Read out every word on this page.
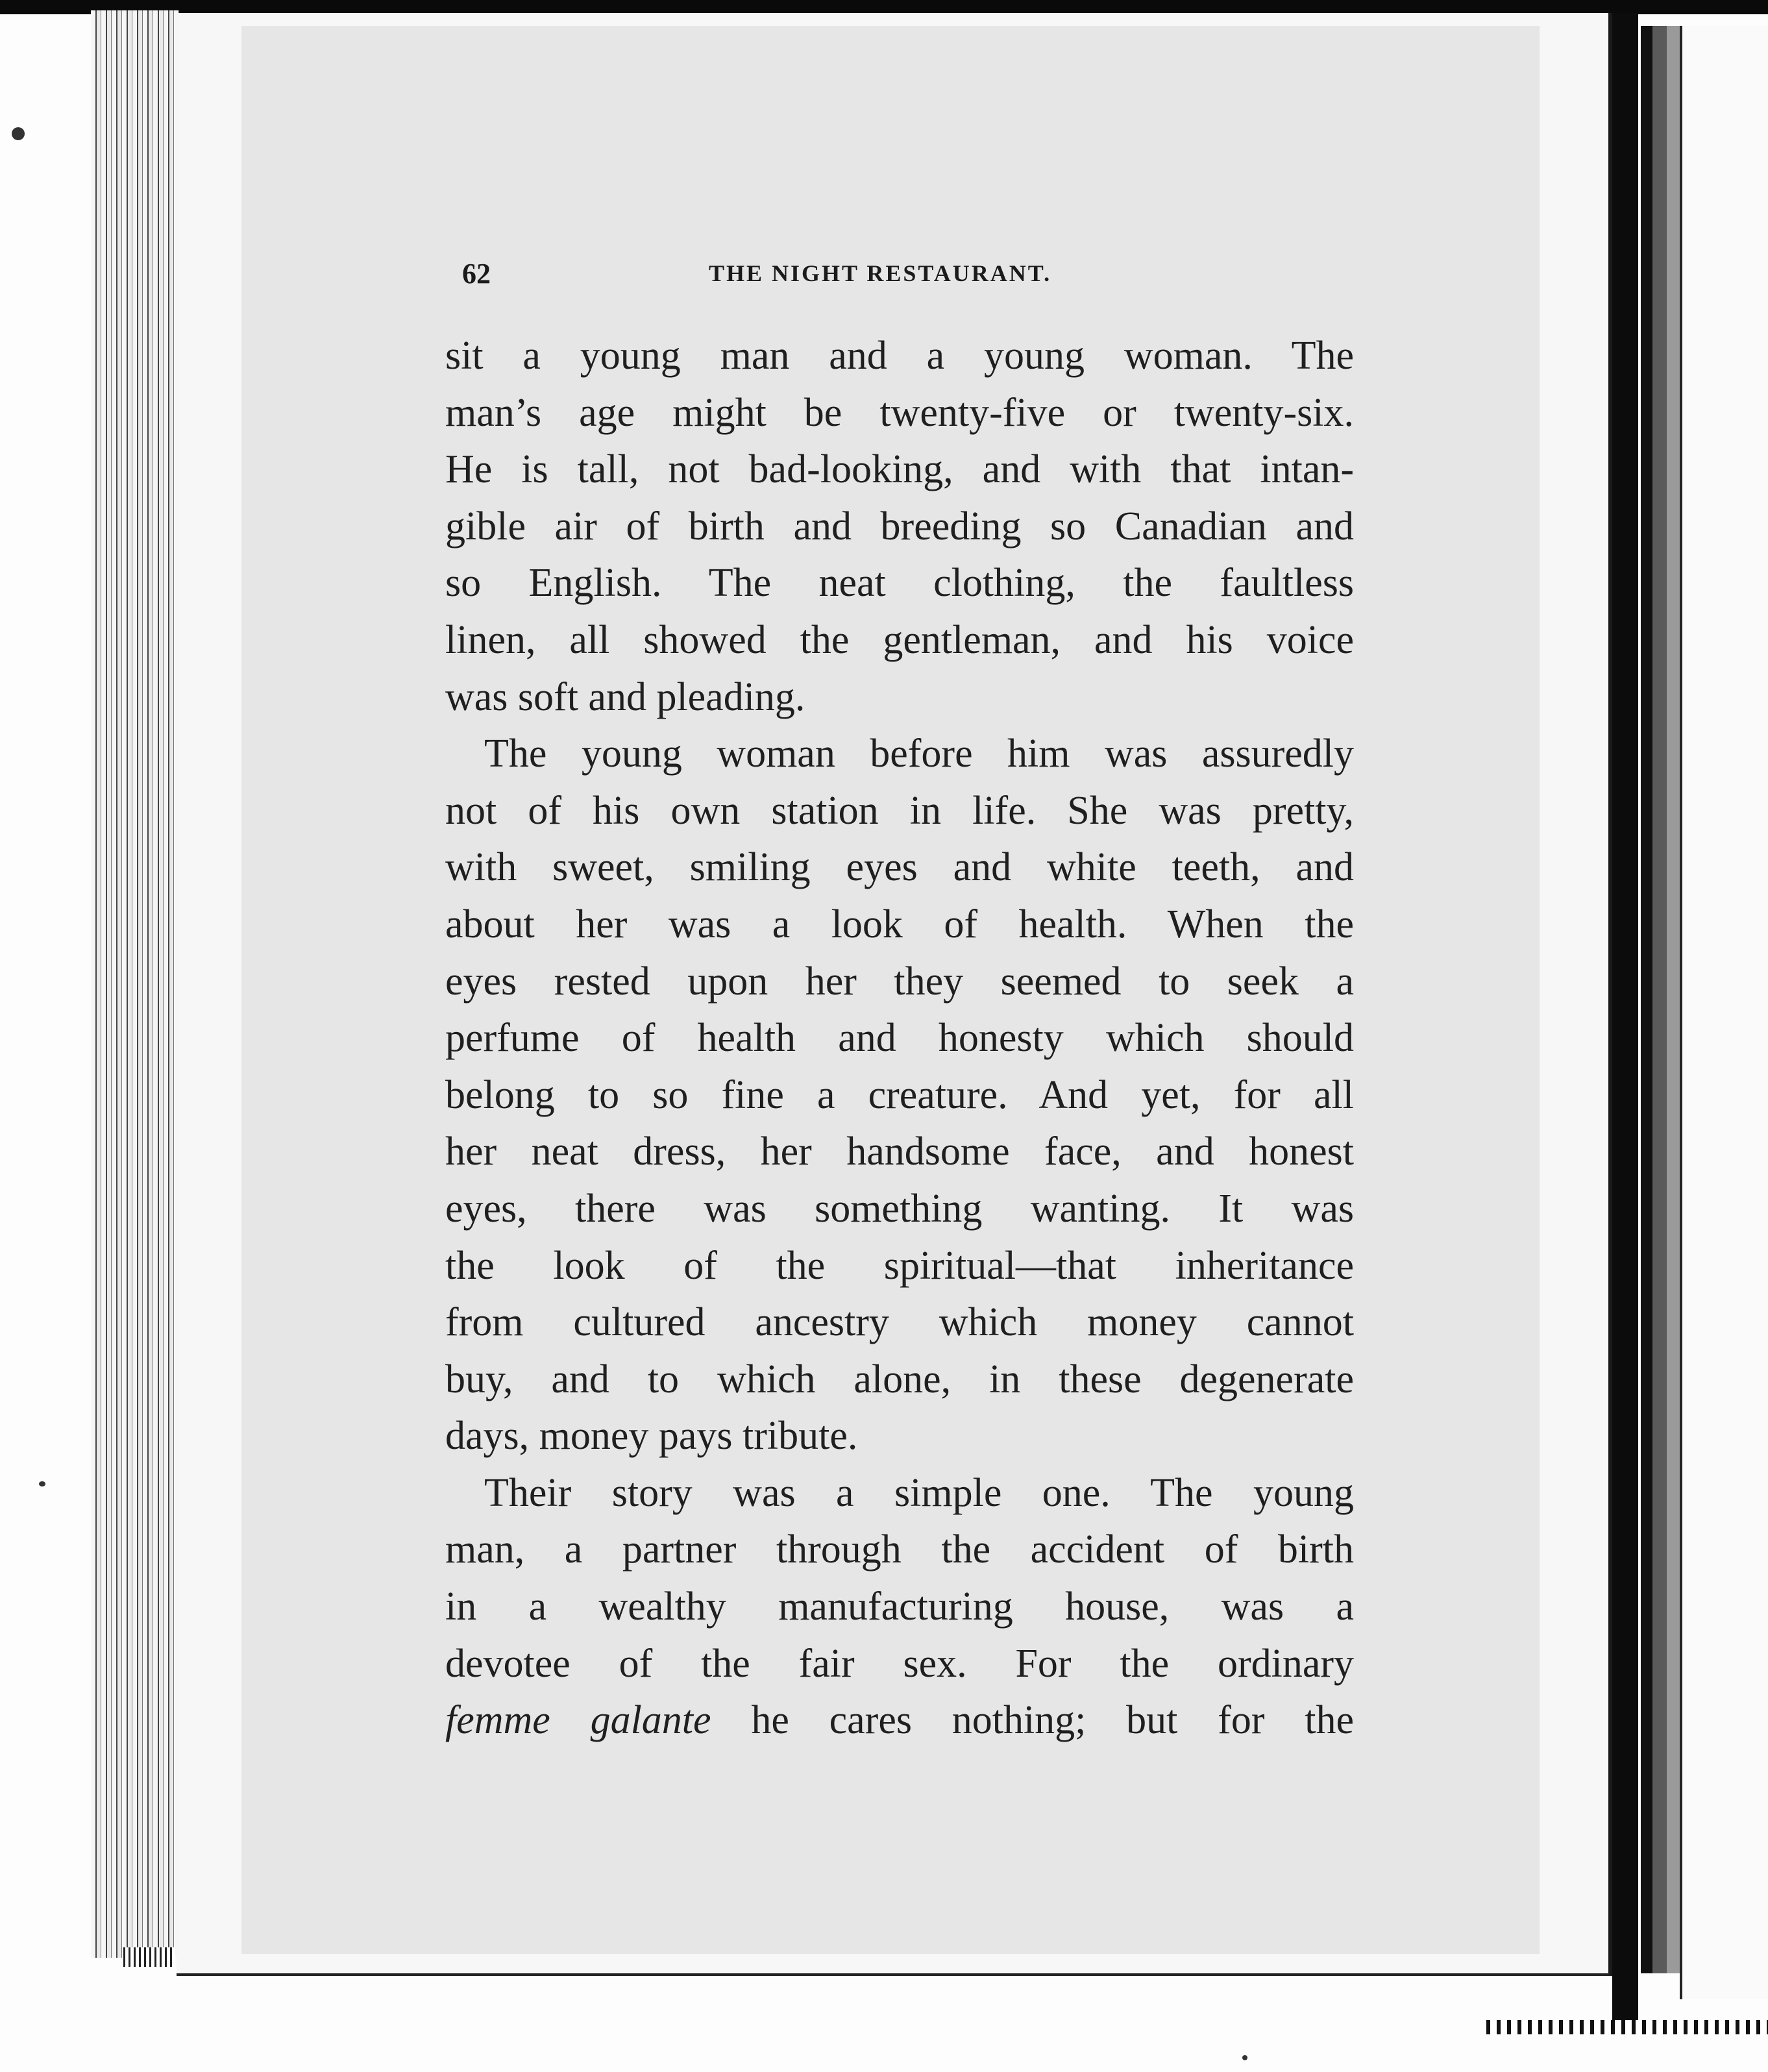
62	THE NIGHT RESTAURANT.
sit a young man and a young woman. The
man’s age might be twenty-five or twenty-six.
He is tall, not bad-looking, and with that intan-
gible air of birth and breeding so Canadian and
so English. The neat clothing, the faultless
linen, all showed the gentleman, and his voice
was soft and pleading.
The young woman before him was assuredly
not of his own station in life. She was pretty,
with sweet, smiling eyes and white teeth, and
about her was a look of health. When the
eyes rested upon her they seemed to seek a
perfume of health and honesty which should
belong to so fine a creature. And yet, for all
her neat dress, her handsome face, and honest
eyes, there was something wanting. It was
the look of the spiritual—that inheritance
from cultured ancestry which money cannot
buy, and to which alone, in these degenerate
days, money pays tribute.
Their story was a simple one. The young
man, a partner through the accident of birth
in a wealthy manufacturing house, was a
devotee of the fair sex. For the ordinary
femme galante he cares nothing; but for the
